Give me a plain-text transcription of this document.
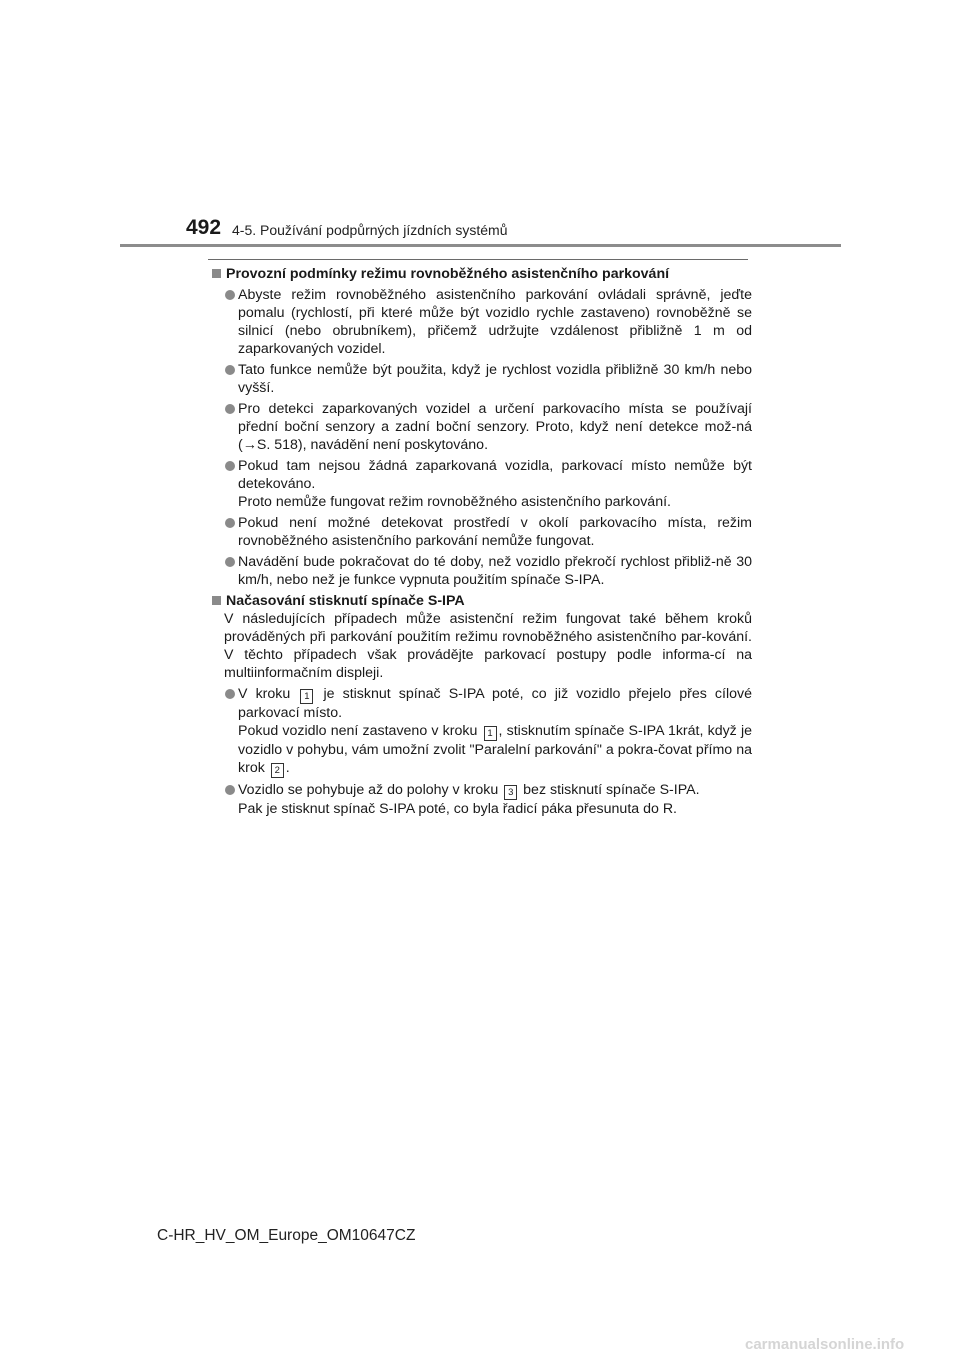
492 4-5. Používání podpůrných jízdních systémů

Provozní podmínky režimu rovnoběžného asistenčního parkování

Abyste režim rovnoběžného asistenčního parkování ovládali správně, jeďte pomalu (rychlostí, při které může být vozidlo rychle zastaveno) rovnoběžně se silnicí (nebo obrubníkem), přičemž udržujte vzdálenost přibližně 1 m od zaparkovaných vozidel.

Tato funkce nemůže být použita, když je rychlost vozidla přibližně 30 km/h nebo vyšší.

Pro detekci zaparkovaných vozidel a určení parkovacího místa se používají přední boční senzory a zadní boční senzory. Proto, když není detekce mož-ná (→S. 518), navádění není poskytováno.

Pokud tam nejsou žádná zaparkovaná vozidla, parkovací místo nemůže být detekováno.

Proto nemůže fungovat režim rovnoběžného asistenčního parkování.

Pokud není možné detekovat prostředí v okolí parkovacího místa, režim rovnoběžného asistenčního parkování nemůže fungovat.

Navádění bude pokračovat do té doby, než vozidlo překročí rychlost přibliž-ně 30 km/h, nebo než je funkce vypnuta použitím spínače S-IPA.

Načasování stisknutí spínače S-IPA

V následujících případech může asistenční režim fungovat také během kroků prováděných při parkování použitím režimu rovnoběžného asistenčního par-kování. V těchto případech však provádějte parkovací postupy podle informa-cí na multiinformačním displeji.

V kroku 1 je stisknut spínač S-IPA poté, co již vozidlo přejelo přes cílové parkovací místo.

Pokud vozidlo není zastaveno v kroku 1 , stisknutím spínače S-IPA 1krát, když je vozidlo v pohybu, vám umožní zvolit "Paralelní parkování" a pokra-čovat přímo na krok 2 .

Vozidlo se pohybuje až do polohy v kroku 3 bez stisknutí spínače S-IPA.

Pak je stisknut spínač S-IPA poté, co byla řadicí páka přesunuta do R.

C-HR_HV_OM_Europe_OM10647CZ
carmanualsonline.info
